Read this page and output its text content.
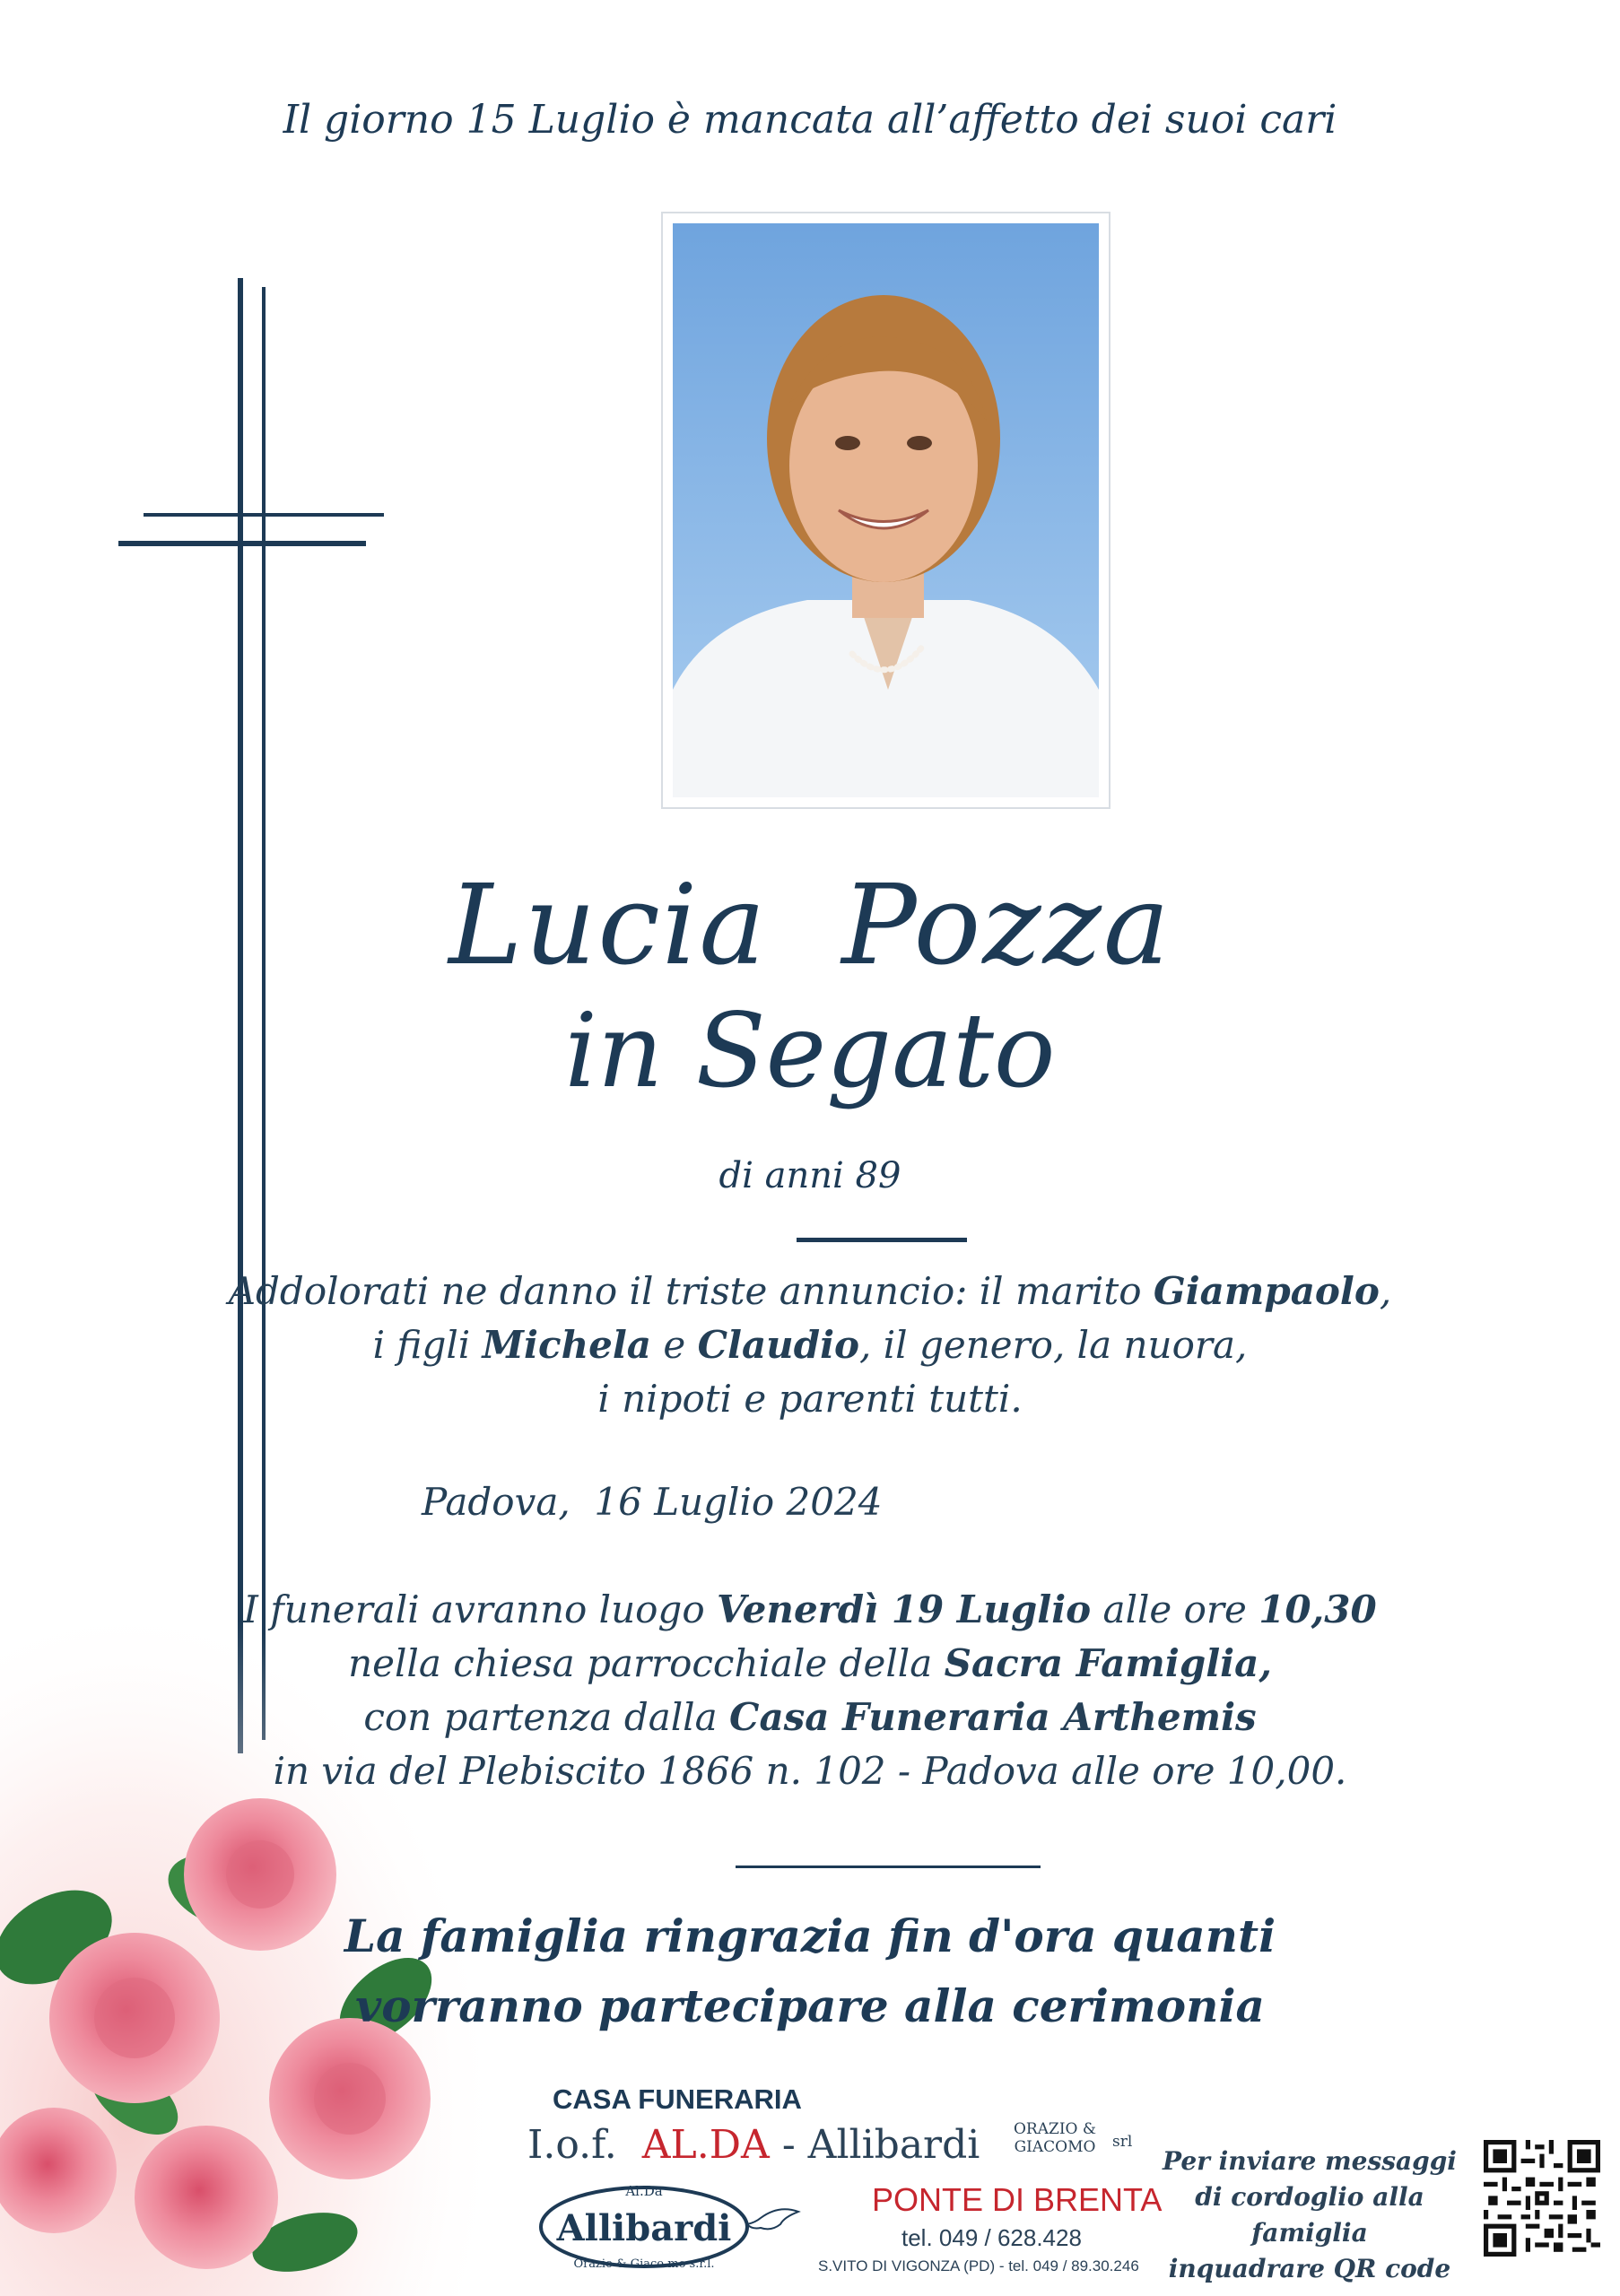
Il giorno 15 Luglio è mancata all’affetto dei suoi cari
Lucia  Pozza
in Segato
di anni 89
Addolorati ne danno il triste annuncio: il marito Giampaolo,
i figli Michela e Claudio, il genero, la nuora,
i nipoti e parenti tutti.
Padova,  16 Luglio 2024
I funerali avranno luogo Venerdì 19 Luglio alle ore 10,30
nella chiesa parrocchiale della Sacra Famiglia,
con partenza dalla Casa Funeraria Arthemis
in via del Plebiscito 1866 n. 102 - Padova alle ore 10,00.
La famiglia ringrazia fin d'ora quanti
vorranno partecipare alla cerimonia
CASA FUNERARIA
I.o.f. AL.DA - Allibardi ORAZIO &
GIACOMO srl
Al.Da
Allibardi
Orazio & Giaco mo s.r.l.
PONTE DI BRENTA
tel. 049 / 628.428
S.VITO DI VIGONZA (PD) - tel. 049 / 89.30.246
Per inviare messaggi
di cordoglio alla famiglia
inquadrare QR code
